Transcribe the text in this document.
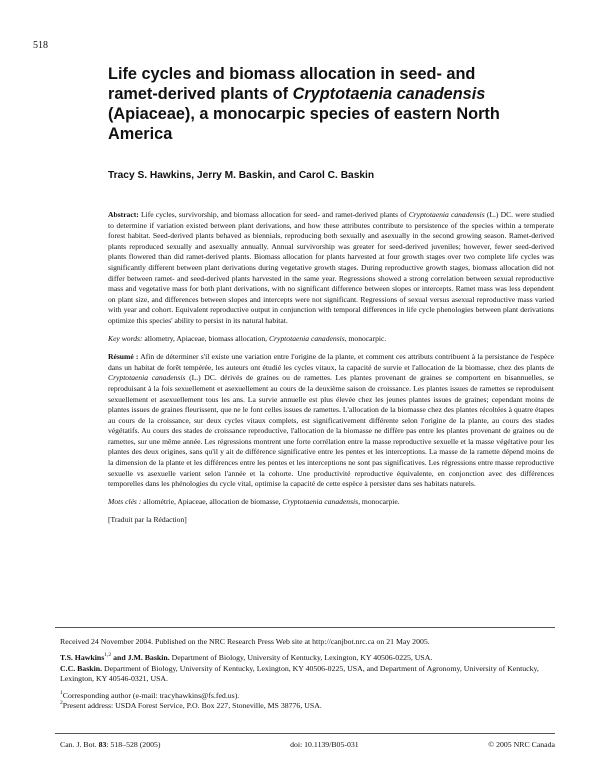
518
Life cycles and biomass allocation in seed- and
ramet-derived plants of Cryptotaenia canadensis
(Apiaceae), a monocarpic species of eastern North
America
Tracy S. Hawkins, Jerry M. Baskin, and Carol C. Baskin

Abstract: Life cycles, survivorship, and biomass allocation for seed- and ramet-derived plants of Cryptotaenia canadensis (L.) DC. were studied to determine if variation existed between plant derivations, and how these attributes contribute to persistence of the species within a temperate forest habitat. Seed-derived plants behaved as biennials, reproducing both sexually and asexually in the second growing season. Ramet-derived plants reproduced sexually and asexually annually. Annual survivorship was greater for seed-derived juveniles; however, fewer seed-derived plants flowered than did ramet-derived plants. Biomass allocation for plants harvested at four growth stages over two complete life cycles was significantly different between plant derivations during vegetative growth stages. During reproductive growth stages, biomass allocation did not differ between ramet- and seed-derived plants harvested in the same year. Regressions showed a strong correlation between sexual reproductive mass and vegetative mass for both plant derivations, with no significant difference between slopes or intercepts. Ramet mass was less dependent on plant size, and differences between slopes and intercepts were not significant. Regressions of sexual versus asexual reproductive mass varied with year and cohort. Equivalent reproductive output in conjunction with temporal differences in life cycle phenologies between plant derivations optimize this species' ability to persist in its natural habitat.

Key words: allometry, Apiaceae, biomass allocation, Cryptotaenia canadensis, monocarpic.

Résumé : Afin de déterminer s'il existe une variation entre l'origine de la plante, et comment ces attributs contribuent à la persistance de l'espèce dans un habitat de forêt tempérée, les auteurs ont étudié les cycles vitaux, la capacité de survie et l'allocation de la biomasse, chez des plants de Cryptotaenia canadensis (L.) DC. dérivés de graines ou de ramettes. Les plantes provenant de graines se comportent en bisannuelles, se reproduisant à la fois sexuellement et asexuellement au cours de la deuxième saison de croissance. Les plantes issues de ramettes se reproduisent sexuellement et asexuellement tous les ans. La survie annuelle est plus élevée chez les jeunes plantes issues de graines; cependant moins de plantes issues de graines fleurissent, que ne le font celles issues de ramettes. L'allocation de la biomasse chez des plantes récoltées à quatre étapes au cours de la croissance, sur deux cycles vitaux complets, est significativement différente selon l'origine de la plante, au cours des stades végétatifs. Au cours des stades de croissance reproductive, l'allocation de la biomasse ne diffère pas entre les plantes provenant de graines ou de ramettes, sur une même année. Les régressions montrent une forte corrélation entre la masse reproductive sexuelle et la masse végétative pour les plantes des deux origines, sans qu'il y ait de différence significative entre les pentes et les interceptions. La masse de la ramette dépend moins de la dimension de la plante et les différences entre les pentes et les interceptions ne sont pas significatives. Les régressions entre masse reproductive sexuelle vs asexuelle varient selon l'année et la cohorte. Une productivité reproductive équivalente, en conjonction avec des différences temporelles dans les phénologies du cycle vital, optimise la capacité de cette espèce à persister dans ses habitats naturels.

Mots clés : allométrie, Apiaceae, allocation de biomasse, Cryptotaenia canadensis, monocarpie.

[Traduit par la Rédaction]

Received 24 November 2004. Published on the NRC Research Press Web site at http://canjbot.nrc.ca on 21 May 2005.

T.S. Hawkins$^{1,2}$ and J.M. Baskin. Department of Biology, University of Kentucky, Lexington, KY 40506-0225, USA.

C.C. Baskin. Department of Biology, University of Kentucky, Lexington, KY 40506-0225, USA, and Department of Agronomy, University of Kentucky, Lexington, KY 40546-0321, USA.

$^1$Corresponding author (e-mail: tracyhawkins@fs.fed.us).

$^2$Present address: USDA Forest Service, P.O. Box 227, Stoneville, MS 38776, USA.

Can. J. Bot. 83: 518–528 (2005)	doi: 10.1139/B05-031	© 2005 NRC Canada
